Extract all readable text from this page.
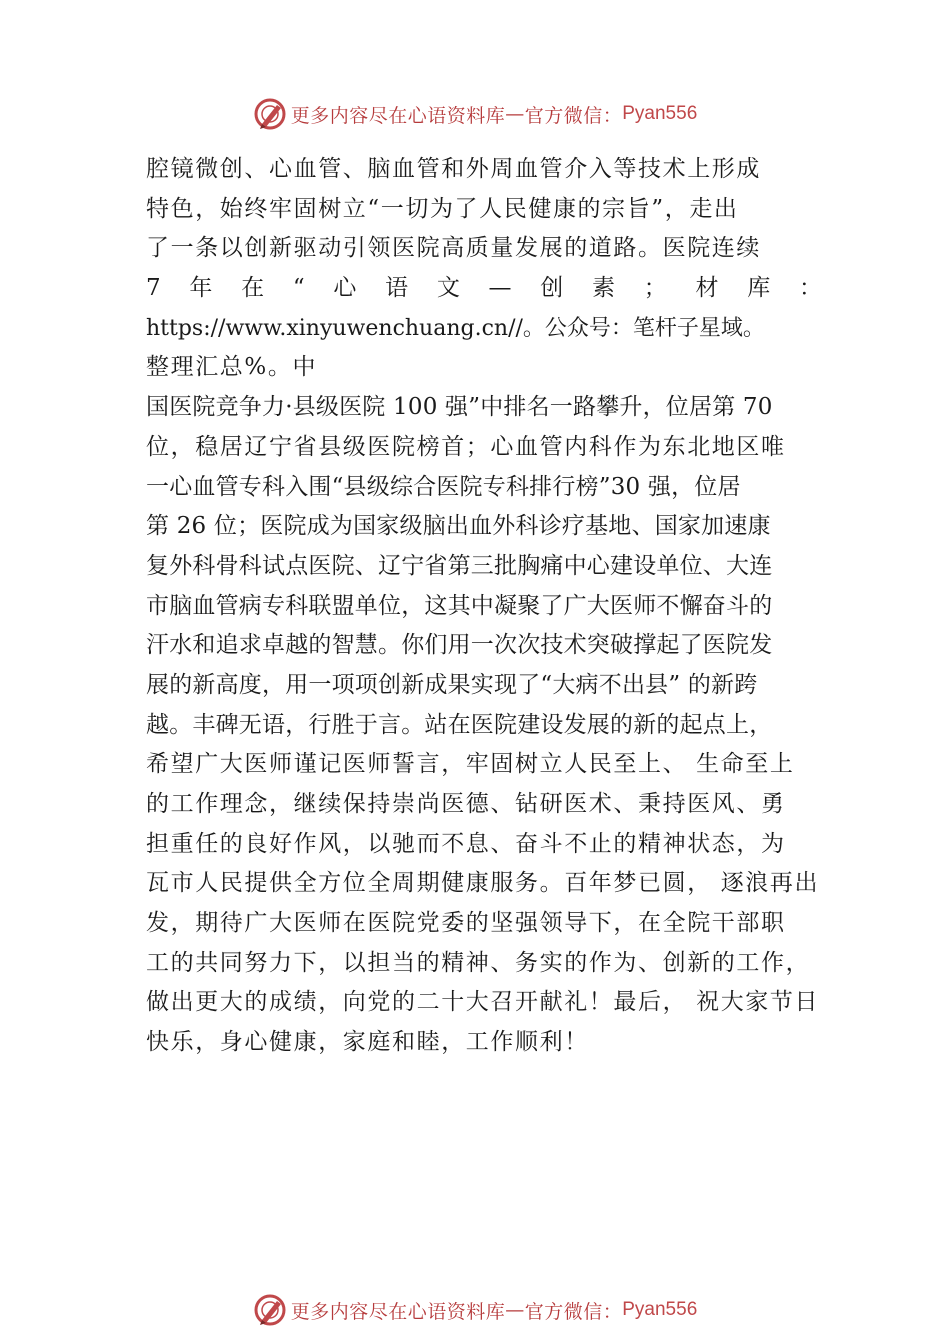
更多内容尽在心语资料库 — 官方微信： Pyan556
腔镜微创、心血管、脑血管和外周血管介入等技术上形成
特色，始终牢固树立“一切为了人民健康的宗旨”，走出
了一条以创新驱动引领医院高质量发展的道路。医院连续
7 年 在 “ 心 语 文 — 创 素 ； 材 库 ：
https://www.xinyuwenchuang.cn//。公众号：笔杆子星域。
整理汇总%。中
国医院竞争力·县级医院 100 强”中排名一路攀升，位居第 70
位，稳居辽宁省县级医院榜首；心血管内科作为东北地区唯
一心血管专科入围“县级综合医院专科排行榜”30 强，位居
第 26 位；医院成为国家级脑出血外科诊疗基地、国家加速康
复外科骨科试点医院、辽宁省第三批胸痛中心建设单位、大连
市脑血管病专科联盟单位，这其中凝聚了广大医师不懈奋斗的
汗水和追求卓越的智慧。你们用一次次技术突破撑起了医院发
展的新高度，用一项项创新成果实现了“大病不出县” 的新跨
越。丰碑无语，行胜于言。站在医院建设发展的新的起点上，
希望广大医师谨记医师誓言，牢固树立人民至上、 生命至上
的工作理念，继续保持崇尚医德、钻研医术、秉持医风、勇
担重任的良好作风，以驰而不息、奋斗不止的精神状态，为
瓦市人民提供全方位全周期健康服务。百年梦已圆， 逐浪再出
发，期待广大医师在医院党委的坚强领导下，在全院干部职
工的共同努力下，以担当的精神、务实的作为、创新的工作，
做出更大的成绩，向党的二十大召开献礼！最后， 祝大家节日
快乐，身心健康，家庭和睦，工作顺利！
更多内容尽在心语资料库 — 官方微信： Pyan556
